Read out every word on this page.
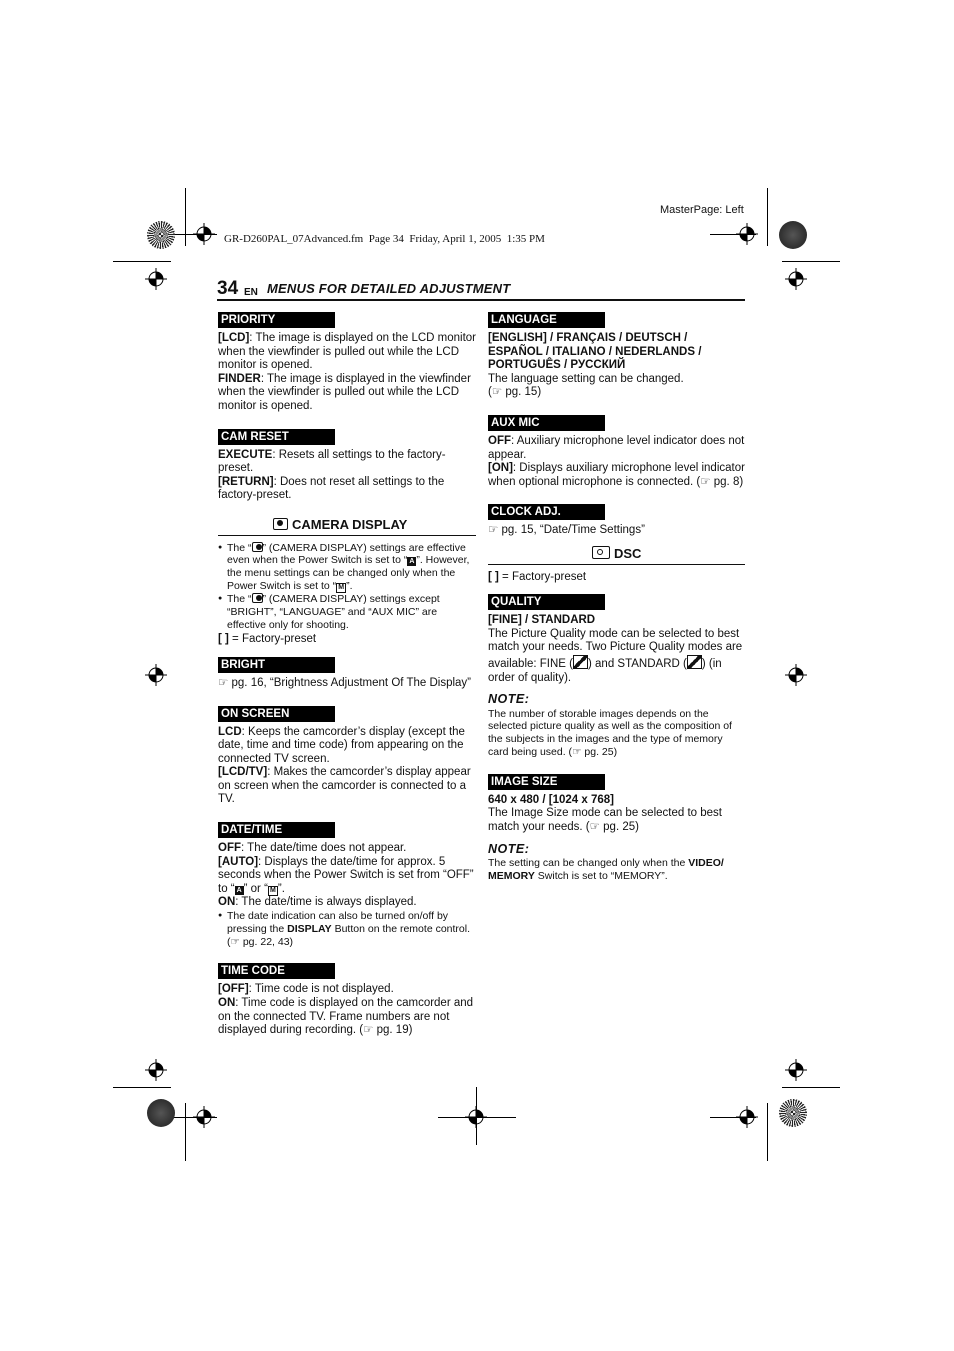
MasterPage: Left
GR-D260PAL_07Advanced.fm  Page 34  Friday, April 1, 2005  1:35 PM
34 EN MENUS FOR DETAILED ADJUSTMENT
PRIORITY

[LCD]: The image is displayed on the LCD monitor when the viewfinder is pulled out while the LCD monitor is opened.

FINDER: The image is displayed in the viewfinder when the viewfinder is pulled out while the LCD monitor is opened.

CAM RESET

EXECUTE: Resets all settings to the factory-preset.

[RETURN]: Does not reset all settings to the factory-preset.

CAMERA DISPLAY
● The “ ” (CAMERA DISPLAY) settings are effective even when the Power Switch is set to “ A ”. However, the menu settings can be changed only when the Power Switch is set to “ M ”.
● The “ ” (CAMERA DISPLAY) settings except “BRIGHT”, “LANGUAGE” and “AUX MIC” are effective only for shooting.

[ ] = Factory-preset

BRIGHT

☞ pg. 16, “Brightness Adjustment Of The Display”

ON SCREEN

LCD: Keeps the camcorder’s display (except the date, time and time code) from appearing on the connected TV screen.

[LCD/TV]: Makes the camcorder’s display appear on screen when the camcorder is connected to a TV.

DATE/TIME

OFF: The date/time does not appear.

[AUTO]: Displays the date/time for approx. 5 seconds when the Power Switch is set from “OFF” to “ A ” or “ M ”.

ON: The date/time is always displayed.

● The date indication can also be turned on/off by pressing the DISPLAY Button on the remote control. (☞ pg. 22, 43)
TIME CODE

[OFF]: Time code is not displayed.

ON: Time code is displayed on the camcorder and on the connected TV. Frame numbers are not displayed during recording. (☞ pg. 19)

LANGUAGE

[ENGLISH] / FRANÇAIS / DEUTSCH /

ESPAÑOL / ITALIANO / NEDERLANDS /

PORTUGUÊS / РУССКИЙ

The language setting can be changed.

(☞ pg. 15)

AUX MIC

OFF: Auxiliary microphone level indicator does not appear.

[ON]: Displays auxiliary microphone level indicator when optional microphone is connected. (☞ pg. 8)

CLOCK ADJ.

☞ pg. 15, “Date/Time Settings”

DSC

[ ] = Factory-preset

QUALITY

[FINE] / STANDARD

The Picture Quality mode can be selected to best match your needs. Two Picture Quality modes are available: FINE ( ) and STANDARD ( ) (in order of quality).

NOTE:

The number of storable images depends on the selected picture quality as well as the composition of the subjects in the images and the type of memory card being used. (☞ pg. 25)

IMAGE SIZE

640 x 480 / [1024 x 768]

The Image Size mode can be selected to best match your needs. (☞ pg. 25)

NOTE:

The setting can be changed only when the VIDEO/ MEMORY Switch is set to “MEMORY”.
